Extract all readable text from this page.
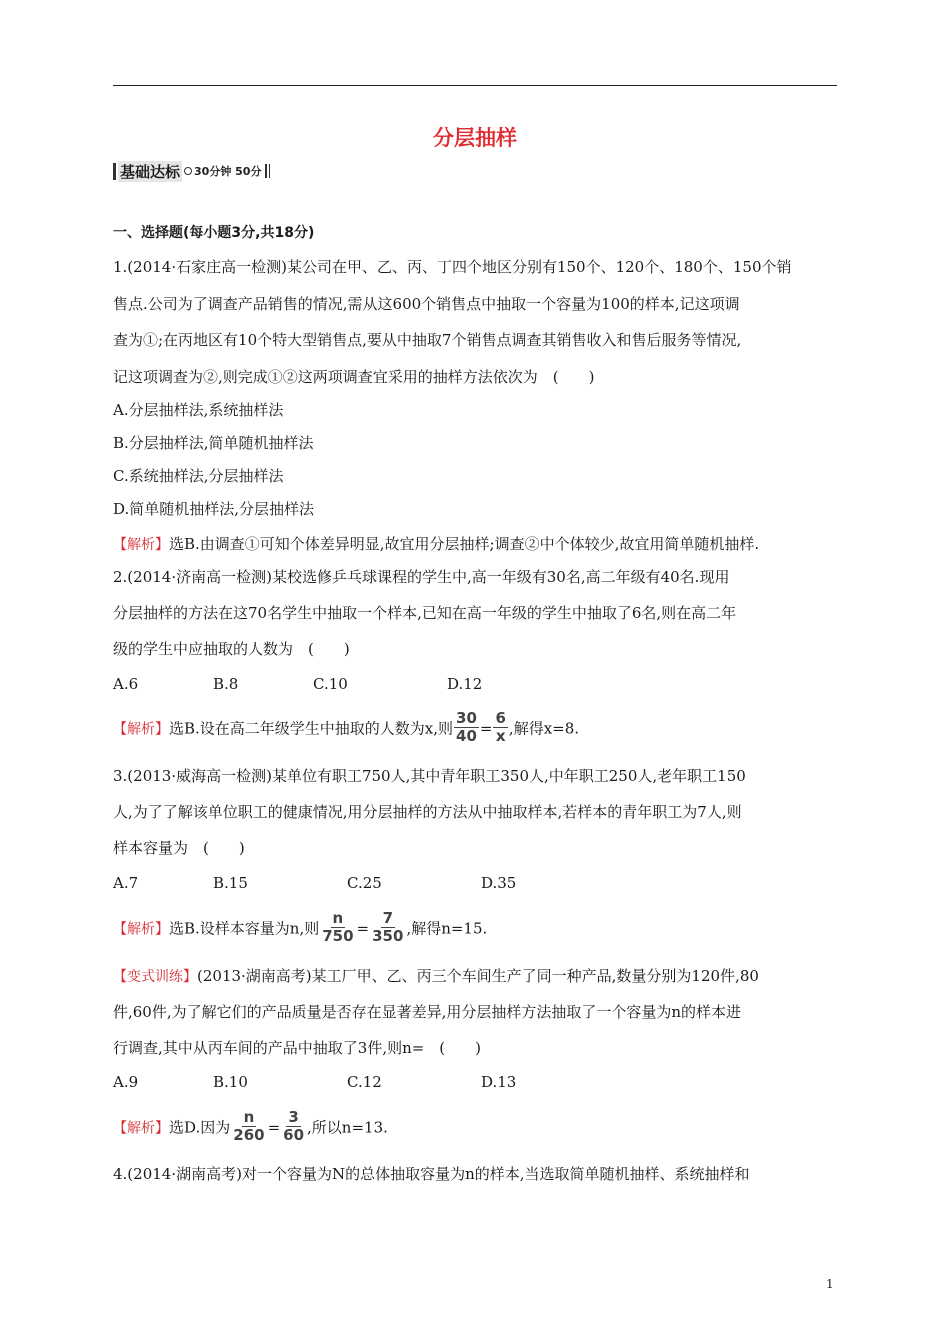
分层抽样
基础达标 30分钟 50分
一、选择题(每小题3分,共18分)
1.(2014·石家庄高一检测)某公司在甲、乙、丙、丁四个地区分别有150个、120个、180个、150个销
售点.公司为了调查产品销售的情况,需从这600个销售点中抽取一个容量为100的样本,记这项调
查为①;在丙地区有10个特大型销售点,要从中抽取7个销售点调查其销售收入和售后服务等情况,
记这项调查为②,则完成①②这两项调查宜采用的抽样方法依次为　(　　)
A.分层抽样法,系统抽样法
B.分层抽样法,简单随机抽样法
C.系统抽样法,分层抽样法
D.简单随机抽样法,分层抽样法
【解析】选B.由调查①可知个体差异明显,故宜用分层抽样;调查②中个体较少,故宜用简单随机抽样.
2.(2014·济南高一检测)某校选修乒乓球课程的学生中,高一年级有30名,高二年级有40名.现用
分层抽样的方法在这70名学生中抽取一个样本,已知在高一年级的学生中抽取了6名,则在高二年
级的学生中应抽取的人数为　(　　)
A.6	B.8	C.10	D.12
【解析】选B.设在高二年级学生中抽取的人数为x,则 $\frac{30}{40} = \frac{6}{x}$ ,解得x=8.
3.(2013·威海高一检测)某单位有职工750人,其中青年职工350人,中年职工250人,老年职工150
人,为了了解该单位职工的健康情况,用分层抽样的方法从中抽取样本,若样本的青年职工为7人,则
样本容量为　(　　)
A.7	B.15	C.25	D.35
【解析】选B.设样本容量为n,则 $\frac{n}{750} = \frac{7}{350}$ ,解得n=15.
【变式训练】(2013·湖南高考)某工厂甲、乙、丙三个车间生产了同一种产品,数量分别为120件,80
件,60件,为了解它们的产品质量是否存在显著差异,用分层抽样方法抽取了一个容量为n的样本进
行调查,其中从丙车间的产品中抽取了3件,则n=　(　　)
A.9	B.10	C.12	D.13
【解析】选D.因为 $\frac{n}{260} = \frac{3}{60}$ ,所以n=13.
4.(2014·湖南高考)对一个容量为N的总体抽取容量为n的样本,当选取简单随机抽样、系统抽样和
1
